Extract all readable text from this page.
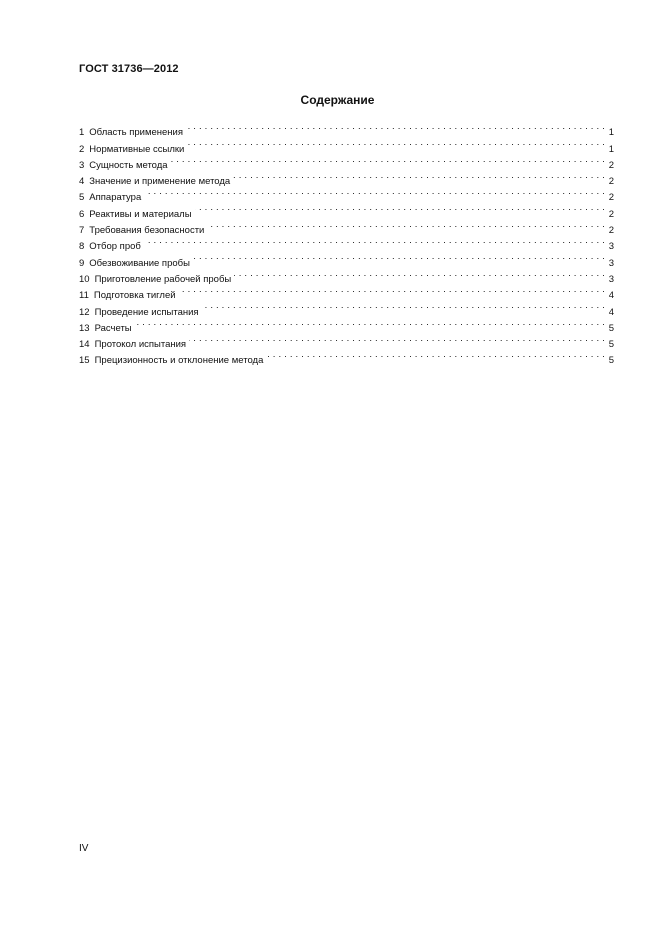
ГОСТ 31736—2012
Содержание
1 Область применения . . .	1
2 Нормативные ссылки . . .	1
3 Сущность метода . . .	2
4 Значение и применение метода . . .	2
5 Аппаратура . . .	2
6 Реактивы и материалы . . .	2
7 Требования безопасности . . .	2
8 Отбор проб . . .	3
9 Обезвоживание пробы . . .	3
10 Приготовление рабочей пробы . . .	3
11 Подготовка тиглей . . .	4
12 Проведение испытания . . .	4
13 Расчеты . . .	5
14 Протокол испытания . . .	5
15 Прецизионность и отклонение метода . . .	5
IV
